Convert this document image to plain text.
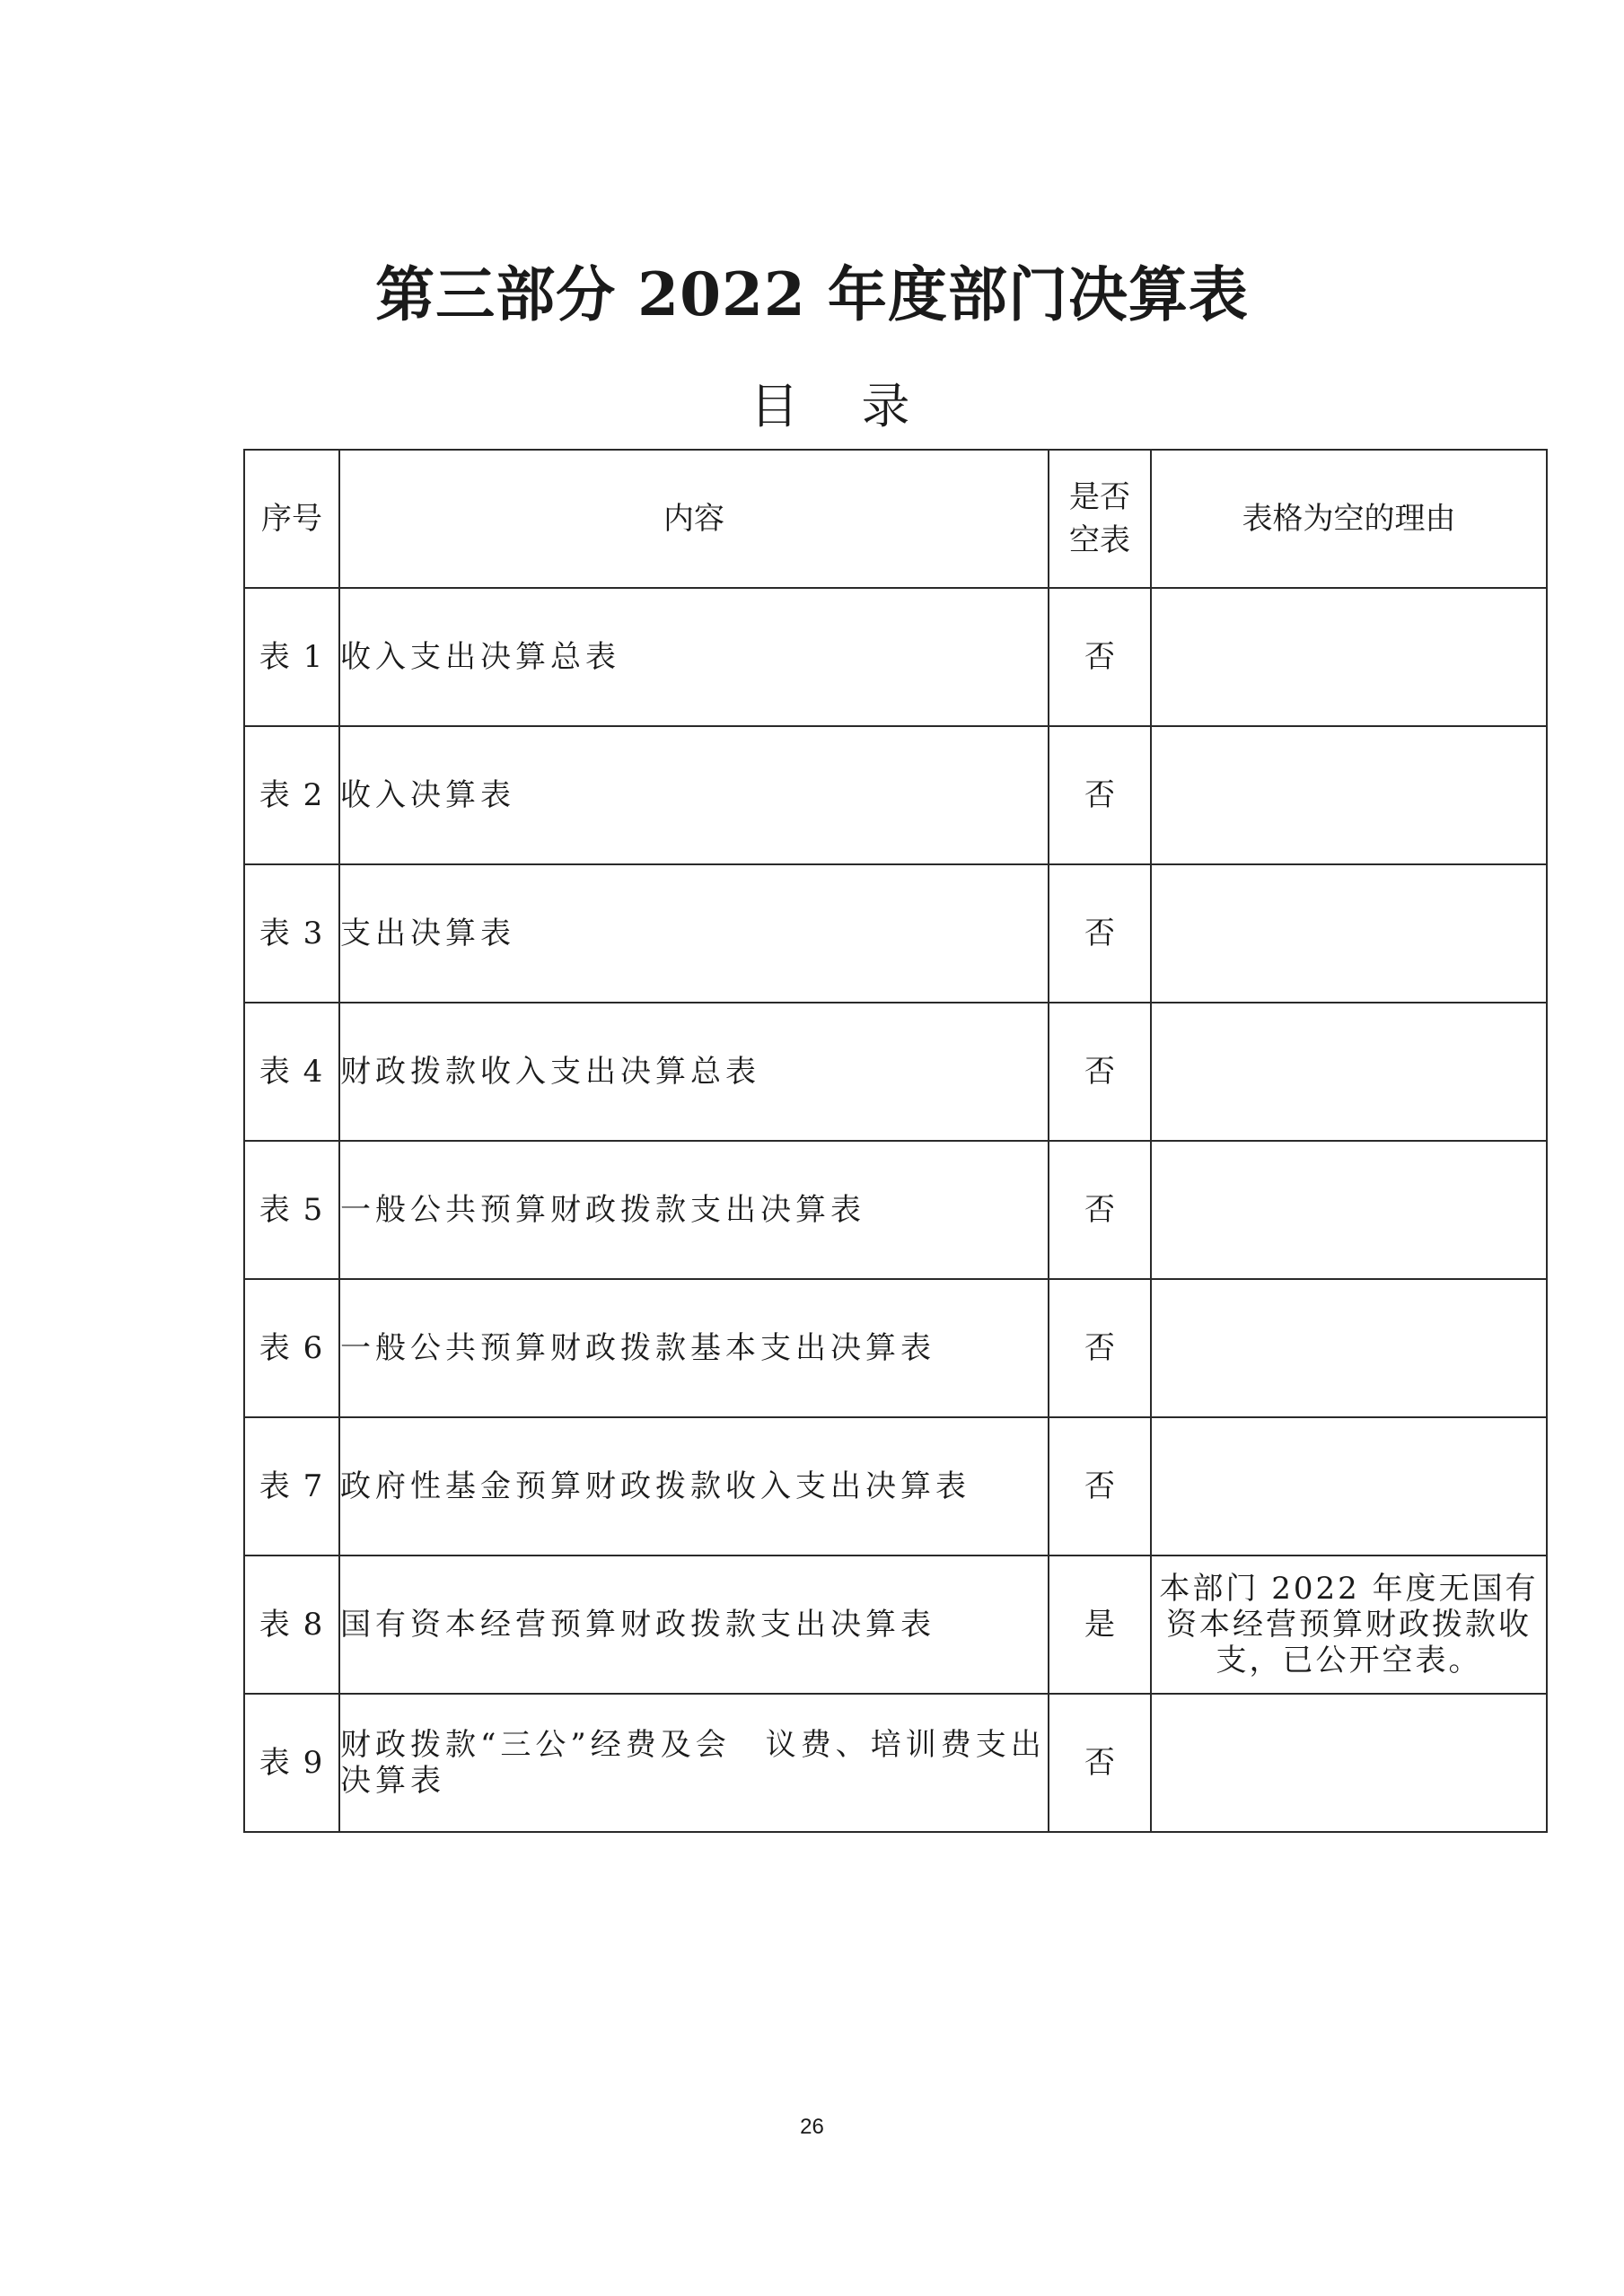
第三部分 2022 年度部门决算表
目录
序号	内容	是否空表	表格为空的理由
表 1	收入支出决算总表	否	
表 2	收入决算表	否	
表 3	支出决算表	否	
表 4	财政拨款收入支出决算总表	否	
表 5	一般公共预算财政拨款支出决算表	否	
表 6	一般公共预算财政拨款基本支出决算表	否	
表 7	政府性基金预算财政拨款收入支出决算表	否	
表 8	国有资本经营预算财政拨款支出决算表	是	本部门 2022 年度无国有资本经营预算财政拨款收支，已公开空表。
表 9	财政拨款“三公”经费及会　议费、培训费支出决算表	否	
26
